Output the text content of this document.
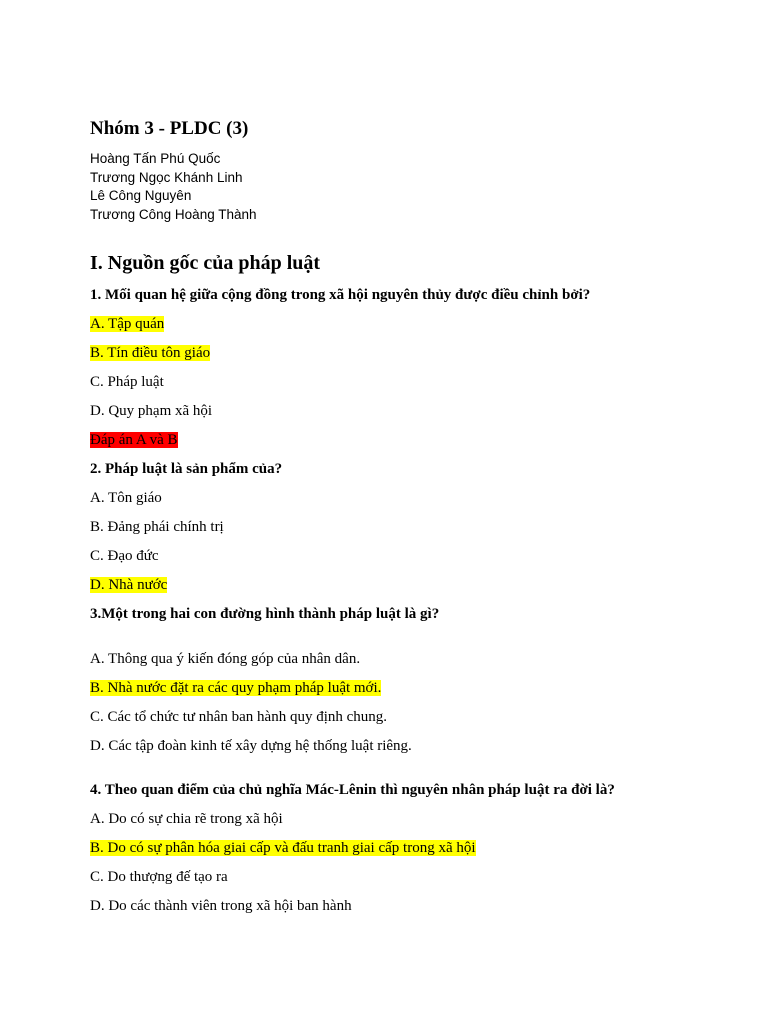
Nhóm 3 - PLDC (3)
Hoàng Tấn Phú Quốc
Trương Ngọc Khánh Linh
Lê Công Nguyên
Trương Công Hoàng Thành
I. Nguồn gốc của pháp luật
1. Mối quan hệ giữa cộng đồng trong xã hội nguyên thủy được điều chỉnh bởi?
A. Tập quán
B. Tín điều tôn giáo
C. Pháp luật
D. Quy phạm xã hội
Đáp án A và B
2. Pháp luật là sản phẩm của?
A. Tôn giáo
B. Đảng phái chính trị
C. Đạo đức
D. Nhà nước
3.Một trong hai con đường hình thành pháp luật là gì?
A. Thông qua ý kiến đóng góp của nhân dân.
B. Nhà nước đặt ra các quy phạm pháp luật mới.
C. Các tổ chức tư nhân ban hành quy định chung.
D. Các tập đoàn kinh tế xây dựng hệ thống luật riêng.
4. Theo quan điểm của chủ nghĩa Mác-Lênin thì nguyên nhân pháp luật ra đời là?
A. Do có sự chia rẽ trong xã hội
B. Do có sự phân hóa giai cấp và đấu tranh giai cấp trong xã hội
C. Do thượng đế tạo ra
D. Do các thành viên trong xã hội ban hành
